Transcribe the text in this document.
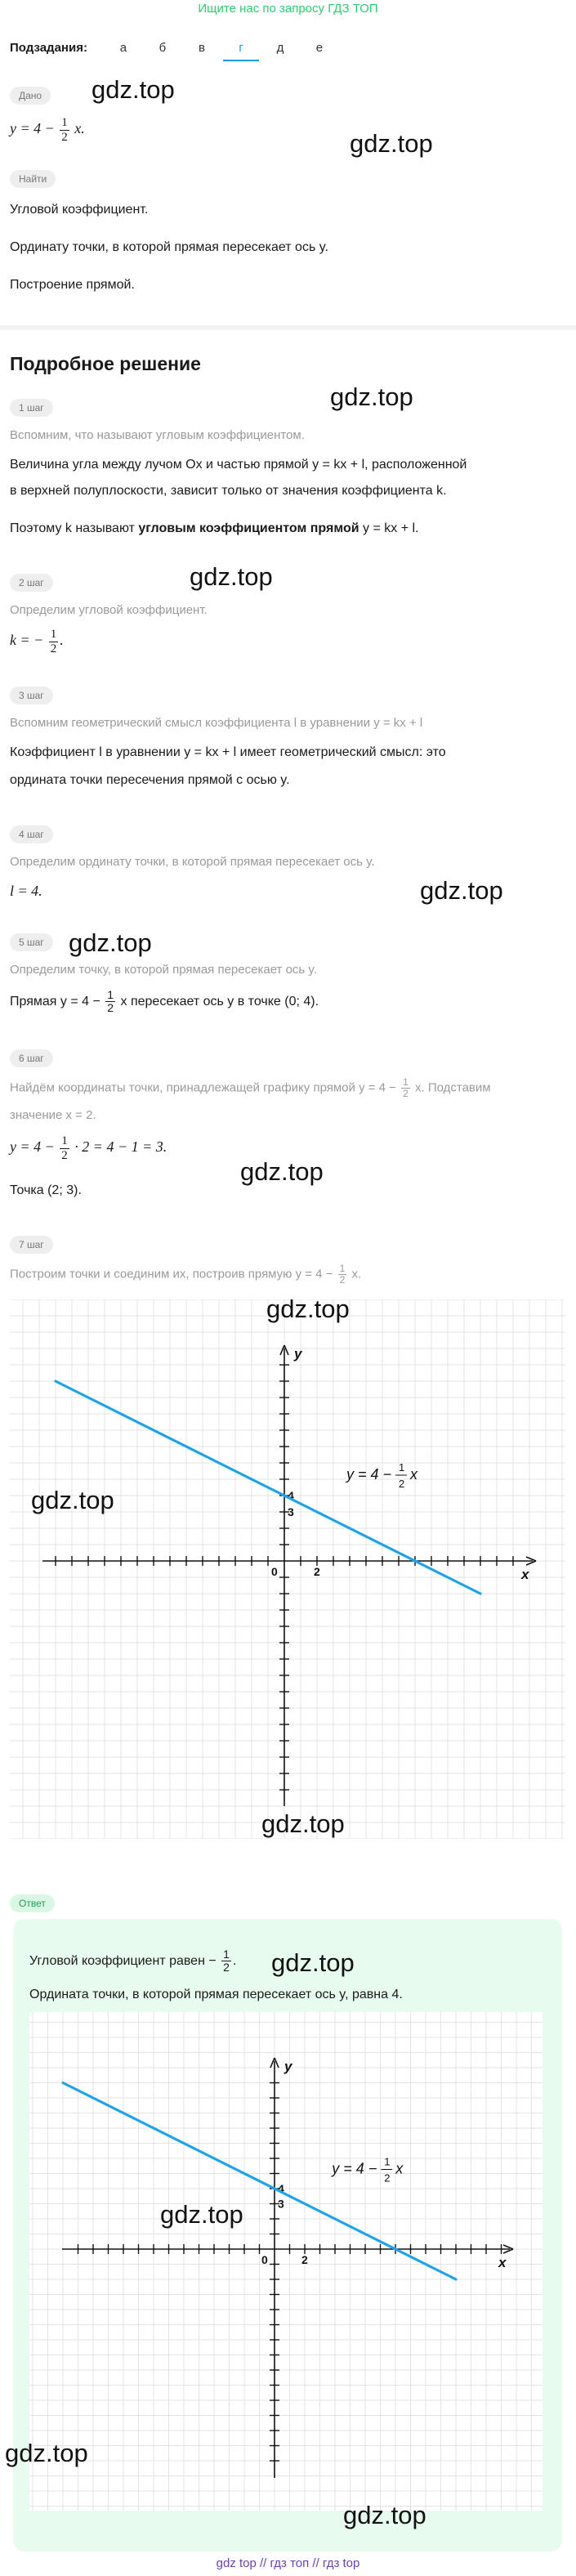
Ищите нас по запросу ГДЗ ТОП
Подзадания:	а	б	в	г	д	е
Дано
$y = 4 - \frac{1}{2} x$.
Найти
Угловой коэффициент.
Ординату точки, в которой прямая пересекает ось y.
Построение прямой.
Подробное решение
1 шаг
Вспомним, что называют угловым коэффициентом.
Величина угла между лучом Ox и частью прямой y = kx + l, расположенной
в верхней полуплоскости, зависит только от значения коэффициента k.
Поэтому k называют угловым коэффициентом прямой y = kx + l.
2 шаг
Определим угловой коэффициент.
k = − $\frac{1}{2}$ .
3 шаг
Вспомним геометрический смысл коэффициента l в уравнении y = kx + l
Коэффициент l в уравнении y = kx + l имеет геометрический смысл: это
ордината точки пересечения прямой с осью y.
4 шаг
Определим ординату точки, в которой прямая пересекает ось y.
l = 4.
5 шаг
Определим точку, в которой прямая пересекает ось y.
Прямая $y = 4 - \frac{1}{2}$ x пересекает ось y в точке (0; 4).
6 шаг
Найдём координаты точки, принадлежащей графику прямой $y = 4 - \frac{1}{2} x$. Подставим
значение x = 2.
$y = 4 - \frac{1}{2} \cdot 2 = 4 - 1 = 3$.
Точка (2; 3).
7 шаг
Построим точки и соединим их, построив прямую $y = 4 - \frac{1}{2} x$.
x
y
0	2
4
3
y = 4 − 1
2
x
Ответ
Угловой коэффициент равен − $\frac{1}{2}$ .
Ордината точки, в которой прямая пересекает ось y, равна 4.
x
y
0	2
4
3
y = 4 − 1
2
x
gdz.top
gdz.top
gdz.top
gdz.top
gdz.top
gdz.top
gdz.top
gdz.top
gdz.top
gdz.top
gdz.top
gdz.top
gdz.top
gdz.top
gdz top // гдз топ // гдз top
